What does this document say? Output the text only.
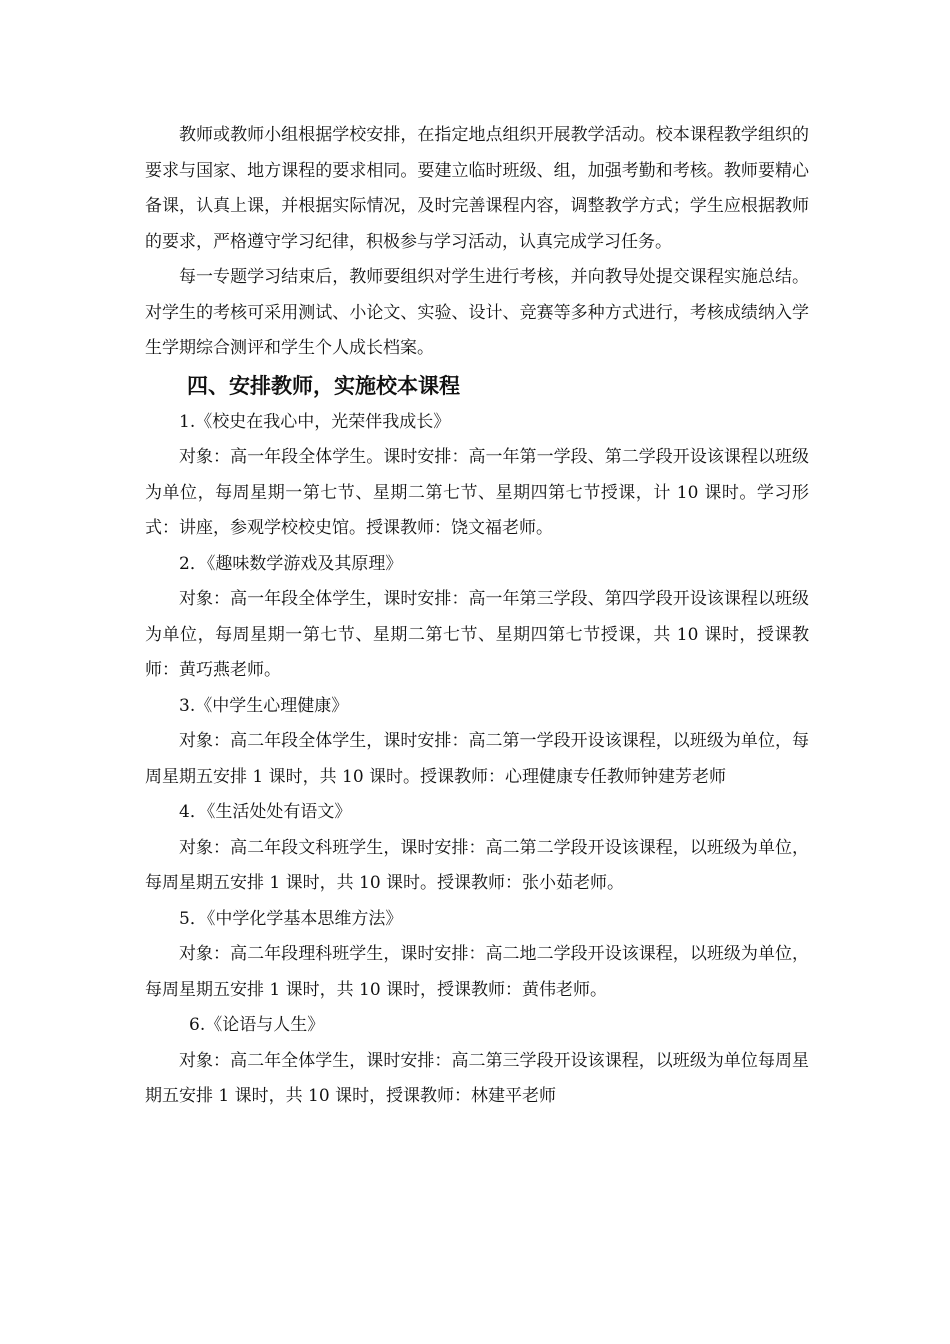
教师或教师小组根据学校安排，在指定地点组织开展教学活动。校本课程教学组织的要求与国家、地方课程的要求相同。要建立临时班级、组，加强考勤和考核。教师要精心备课，认真上课，并根据实际情况，及时完善课程内容，调整教学方式；学生应根据教师的要求，严格遵守学习纪律，积极参与学习活动，认真完成学习任务。

每一专题学习结束后，教师要组织对学生进行考核，并向教导处提交课程实施总结。对学生的考核可采用测试、小论文、实验、设计、竞赛等多种方式进行，考核成绩纳入学生学期综合测评和学生个人成长档案。

四、安排教师，实施校本课程

1.《校史在我心中，光荣伴我成长》

对象：高一年段全体学生。课时安排：高一年第一学段、第二学段开设该课程以班级为单位，每周星期一第七节、星期二第七节、星期四第七节授课，计 10 课时。学习形式：讲座，参观学校校史馆。授课教师：饶文福老师。

2．《趣味数学游戏及其原理》

对象：高一年段全体学生，课时安排：高一年第三学段、第四学段开设该课程以班级为单位，每周星期一第七节、星期二第七节、星期四第七节授课，共 10 课时，授课教师：黄巧燕老师。

3.《中学生心理健康》

对象：高二年段全体学生，课时安排：高二第一学段开设该课程，以班级为单位，每周星期五安排 1 课时，共 10 课时。授课教师：心理健康专任教师钟建芳老师

4．《生活处处有语文》

对象：高二年段文科班学生，课时安排：高二第二学段开设该课程，以班级为单位，每周星期五安排 1 课时，共 10 课时。授课教师：张小茹老师。

5．《中学化学基本思维方法》

对象：高二年段理科班学生，课时安排：高二地二学段开设该课程，以班级为单位，每周星期五安排 1 课时，共 10 课时，授课教师：黄伟老师。

6.《论语与人生》

对象：高二年全体学生，课时安排：高二第三学段开设该课程，以班级为单位每周星期五安排 1 课时，共 10 课时，授课教师：林建平老师
